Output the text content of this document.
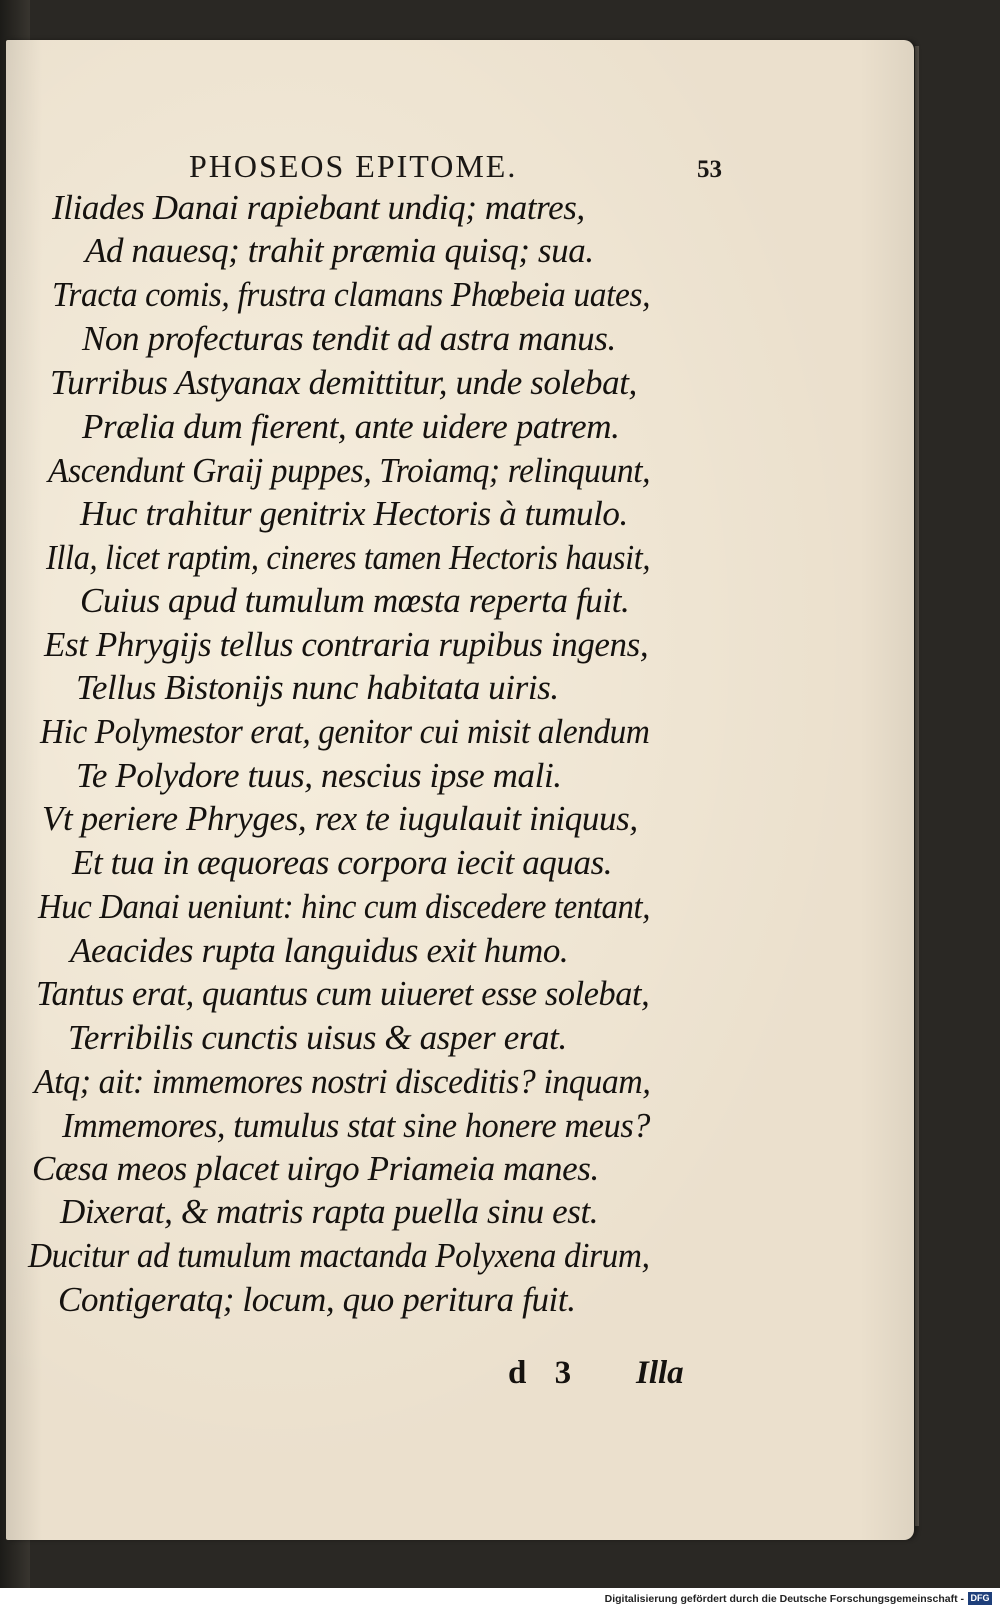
PHOSEOS EPITOME.	53
Iliades Danai rapiebant undiq; matres,
Ad nauesq; trahit præmia quisq; sua.
Tracta comis, frustra clamans Phœbeia uates,
Non profecturas tendit ad astra manus.
Turribus Astyanax demittitur, unde solebat,
Prælia dum fierent, ante uidere patrem.
Ascendunt Graij puppes, Troiamq; relinquunt,
Huc trahitur genitrix Hectoris à tumulo.
Illa, licet raptim, cineres tamen Hectoris hausit,
Cuius apud tumulum mœsta reperta fuit.
Est Phrygijs tellus contraria rupibus ingens,
Tellus Bistonijs nunc habitata uiris.
Hic Polymestor erat, genitor cui misit alendum
Te Polydore tuus, nescius ipse mali.
Vt periere Phryges, rex te iugulauit iniquus,
Et tua in æquoreas corpora iecit aquas.
Huc Danai ueniunt: hinc cum discedere tentant,
Aeacides rupta languidus exit humo.
Tantus erat, quantus cum uiueret esse solebat,
Terribilis cunctis uisus & asper erat.
Atq; ait: immemores nostri disceditis? inquam,
Immemores, tumulus stat sine honere meus?
Cæsa meos placet uirgo Priameia manes.
Dixerat, & matris rapta puella sinu est.
Ducitur ad tumulum mactanda Polyxena dirum,
Contigeratq; locum, quo peritura fuit.
d 3 Illa
Digitalisierung gefördert durch die Deutsche Forschungsgemeinschaft - DFG
